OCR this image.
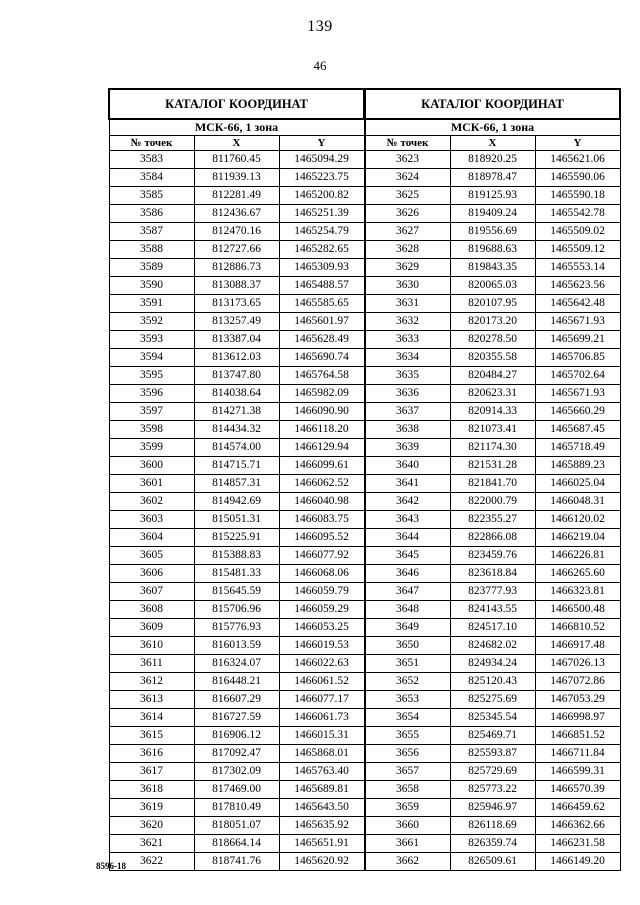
139
46
КАТАЛОГ КООРДИНАТ		
МСК-66, 1 зона		
№ точек	X	Y
3583	811760.45	1465094.29
3584	811939.13	1465223.75
3585	812281.49	1465200.82
3586	812436.67	1465251.39
3587	812470.16	1465254.79
3588	812727.66	1465282.65
3589	812886.73	1465309.93
3590	813088.37	1465488.57
3591	813173.65	1465585.65
3592	813257.49	1465601.97
3593	813387.04	1465628.49
3594	813612.03	1465690.74
3595	813747.80	1465764.58
3596	814038.64	1465982.09
3597	814271.38	1466090.90
3598	814434.32	1466118.20
3599	814574.00	1466129.94
3600	814715.71	1466099.61
3601	814857.31	1466062.52
3602	814942.69	1466040.98
3603	815051.31	1466083.75
3604	815225.91	1466095.52
3605	815388.83	1466077.92
3606	815481.33	1466068.06
3607	815645.59	1466059.79
3608	815706.96	1466059.29
3609	815776.93	1466053.25
3610	816013.59	1466019.53
3611	816324.07	1466022.63
3612	816448.21	1466061.52
3613	816607.29	1466077.17
3614	816727.59	1466061.73
3615	816906.12	1466015.31
3616	817092.47	1465868.01
3617	817302.09	1465763.40
3618	817469.00	1465689.81
3619	817810.49	1465643.50
3620	818051.07	1465635.92
3621	818664.14	1465651.91
3622	818741.76	1465620.92
КАТАЛОГ КООРДИНАТ		
МСК-66, 1 зона		
№ точек	X	Y
3623	818920.25	1465621.06
3624	818978.47	1465590.06
3625	819125.93	1465590.18
3626	819409.24	1465542.78
3627	819556.69	1465509.02
3628	819688.63	1465509.12
3629	819843.35	1465553.14
3630	820065.03	1465623.56
3631	820107.95	1465642.48
3632	820173.20	1465671.93
3633	820278.50	1465699.21
3634	820355.58	1465706.85
3635	820484.27	1465702.64
3636	820623.31	1465671.93
3637	820914.33	1465660.29
3638	821073.41	1465687.45
3639	821174.30	1465718.49
3640	821531.28	1465889.23
3641	821841.70	1466025.04
3642	822000.79	1466048.31
3643	822355.27	1466120.02
3644	822866.08	1466219.04
3645	823459.76	1466226.81
3646	823618.84	1466265.60
3647	823777.93	1466323.81
3648	824143.55	1466500.48
3649	824517.10	1466810.52
3650	824682.02	1466917.48
3651	824934.24	1467026.13
3652	825120.43	1467072.86
3653	825275.69	1467053.29
3654	825345.54	1466998.97
3655	825469.71	1466851.52
3656	825593.87	1466711.84
3657	825729.69	1466599.31
3658	825773.22	1466570.39
3659	825946.97	1466459.62
3660	826118.69	1466362.66
3661	826359.74	1466231.58
3662	826509.61	1466149.20
8596-18
